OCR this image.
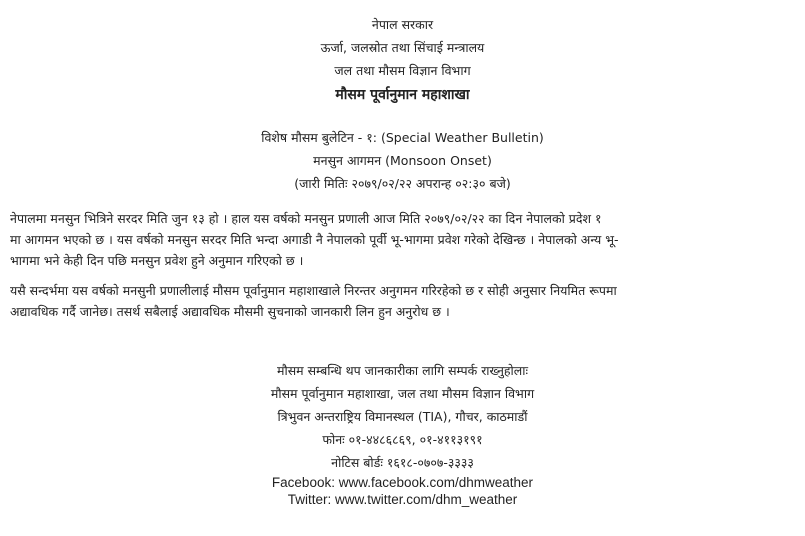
नेपाल सरकार
ऊर्जा, जलस्रोत तथा सिंचाई मन्त्रालय
जल तथा मौसम विज्ञान विभाग
मौसम पूर्वानुमान महाशाखा
विशेष मौसम बुलेटिन - १: (Special Weather Bulletin)
मनसुन आगमन (Monsoon Onset)
(जारी मितिः २०७९/०२/२२ अपरान्ह ०२:३० बजे)
नेपालमा मनसुन भित्रिने सरदर मिति जुन १३ हो । हाल यस वर्षको मनसुन प्रणाली आज मिति २०७९/०२/२२ का दिन नेपालको प्रदेश १
मा आगमन भएको छ । यस वर्षको मनसुन सरदर मिति भन्दा अगाडी नै नेपालको पूर्वी भू-भागमा प्रवेश गरेको देखिन्छ । नेपालको अन्य भू-
भागमा भने केही दिन पछि मनसुन प्रवेश हुने अनुमान गरिएको छ ।
यसै सन्दर्भमा यस वर्षको मनसुनी प्रणालीलाई मौसम पूर्वानुमान महाशाखाले निरन्तर अनुगमन गरिरहेको छ र सोही अनुसार नियमित रूपमा
अद्यावधिक गर्दै जानेछ। तसर्थ सबैलाई अद्यावधिक मौसमी सुचनाको जानकारी लिन हुन अनुरोध छ ।
मौसम सम्बन्धि थप जानकारीका लागि सम्पर्क राख्नुहोलाः
मौसम पूर्वानुमान महाशाखा, जल तथा मौसम विज्ञान विभाग
त्रिभुवन अन्तराष्ट्रिय विमानस्थल (TIA), गौचर, काठमाडौं
फोनः ०१-४४८६८६९, ०१-४११३१९१
नोटिस बोर्डः १६१८-०७०७-३३३३
Facebook: www.facebook.com/dhmweather
Twitter: www.twitter.com/dhm_weather
